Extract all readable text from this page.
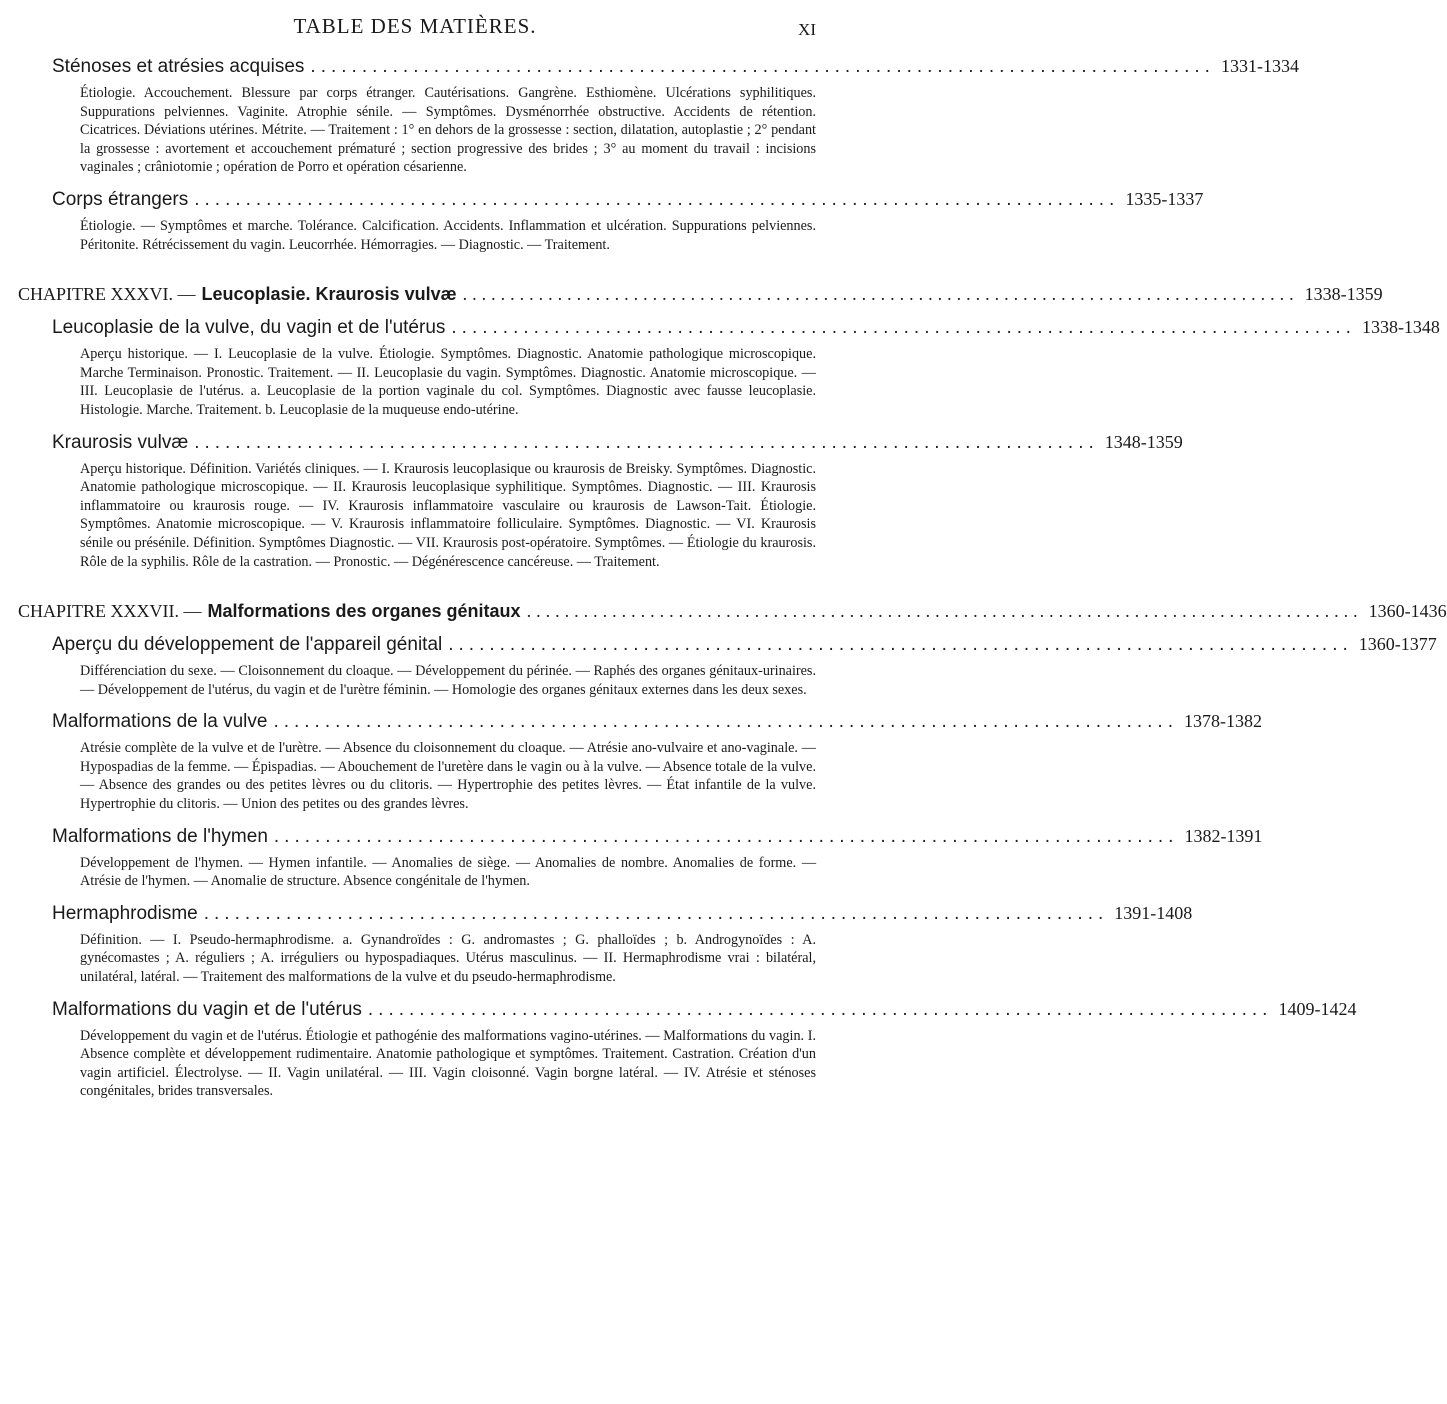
TABLE DES MATIÈRES.	XI
Sténoses et atrésies acquises ........................................................................................ 1331-1334
Étiologie. Accouchement. Blessure par corps étranger. Cautérisations. Gangrène. Esthiomène. Ulcérations syphilitiques. Suppurations pelviennes. Vaginite. Atrophie sénile. — Symptômes. Dysménorrhée obstructive. Accidents de rétention. Cicatrices. Déviations utérines. Métrite. — Traitement : 1° en dehors de la grossesse : section, dilatation, autoplastie ; 2° pendant la grossesse : avortement et accouchement prématuré ; section progressive des brides ; 3° au moment du travail : incisions vaginales ; crâniotomie ; opération de Porro et opération césarienne.
Corps étrangers .......................................................................................... 1335-1337
Étiologie. — Symptômes et marche. Tolérance. Calcification. Accidents. Inflammation et ulcération. Suppurations pelviennes. Péritonite. Rétrécissement du vagin. Leucorrhée. Hémorragies. — Diagnostic. — Traitement.
CHAPITRE XXXVI. — Leucoplasie. Kraurosis vulvæ ........................................................................................ 1338-1359
Leucoplasie de la vulve, du vagin et de l'utérus ........................................................................................ 1338-1348
Aperçu historique. — I. Leucoplasie de la vulve. Étiologie. Symptômes. Diagnostic. Anatomie pathologique microscopique. Marche Terminaison. Pronostic. Traitement. — II. Leucoplasie du vagin. Symptômes. Diagnostic. Anatomie microscopique. — III. Leucoplasie de l'utérus. a. Leucoplasie de la portion vaginale du col. Symptômes. Diagnostic avec fausse leucoplasie. Histologie. Marche. Traitement. b. Leucoplasie de la muqueuse endo-utérine.
Kraurosis vulvæ ........................................................................................ 1348-1359
Aperçu historique. Définition. Variétés cliniques. — I. Kraurosis leucoplasique ou kraurosis de Breisky. Symptômes. Diagnostic. Anatomie pathologique microscopique. — II. Kraurosis leucoplasique syphilitique. Symptômes. Diagnostic. — III. Kraurosis inflammatoire ou kraurosis rouge. — IV. Kraurosis inflammatoire vasculaire ou kraurosis de Lawson-Tait. Étiologie. Symptômes. Anatomie microscopique. — V. Kraurosis inflammatoire folliculaire. Symptômes. Diagnostic. — VI. Kraurosis sénile ou présénile. Définition. Symptômes Diagnostic. — VII. Kraurosis post-opératoire. Symptômes. — Étiologie du kraurosis. Rôle de la syphilis. Rôle de la castration. — Pronostic. — Dégénérescence cancéreuse. — Traitement.
CHAPITRE XXXVII. — Malformations des organes génitaux ........................................................................................ 1360-1436
Aperçu du développement de l'appareil génital ........................................................................................ 1360-1377
Différenciation du sexe. — Cloisonnement du cloaque. — Développement du périnée. — Raphés des organes génitaux-urinaires. — Développement de l'utérus, du vagin et de l'urètre féminin. — Homologie des organes génitaux externes dans les deux sexes.
Malformations de la vulve ........................................................................................ 1378-1382
Atrésie complète de la vulve et de l'urètre. — Absence du cloisonnement du cloaque. — Atrésie ano-vulvaire et ano-vaginale. — Hypospadias de la femme. — Épispadias. — Abouchement de l'uretère dans le vagin ou à la vulve. — Absence totale de la vulve. — Absence des grandes ou des petites lèvres ou du clitoris. — Hypertrophie des petites lèvres. — État infantile de la vulve. Hypertrophie du clitoris. — Union des petites ou des grandes lèvres.
Malformations de l'hymen ........................................................................................ 1382-1391
Développement de l'hymen. — Hymen infantile. — Anomalies de siège. — Anomalies de nombre. Anomalies de forme. — Atrésie de l'hymen. — Anomalie de structure. Absence congénitale de l'hymen.
Hermaphrodisme ........................................................................................ 1391-1408
Définition. — I. Pseudo-hermaphrodisme. a. Gynandroïdes : G. andromastes ; G. phalloïdes ; b. Androgynoïdes : A. gynécomastes ; A. réguliers ; A. irréguliers ou hypospadiaques. Utérus masculinus. — II. Hermaphrodisme vrai : bilatéral, unilatéral, latéral. — Traitement des malformations de la vulve et du pseudo-hermaphrodisme.
Malformations du vagin et de l'utérus ........................................................................................ 1409-1424
Développement du vagin et de l'utérus. Étiologie et pathogénie des malformations vagino-utérines. — Malformations du vagin. I. Absence complète et développement rudimentaire. Anatomie pathologique et symptômes. Traitement. Castration. Création d'un vagin artificiel. Électrolyse. — II. Vagin unilatéral. — III. Vagin cloisonné. Vagin borgne latéral. — IV. Atrésie et sténoses congénitales, brides transversales.
